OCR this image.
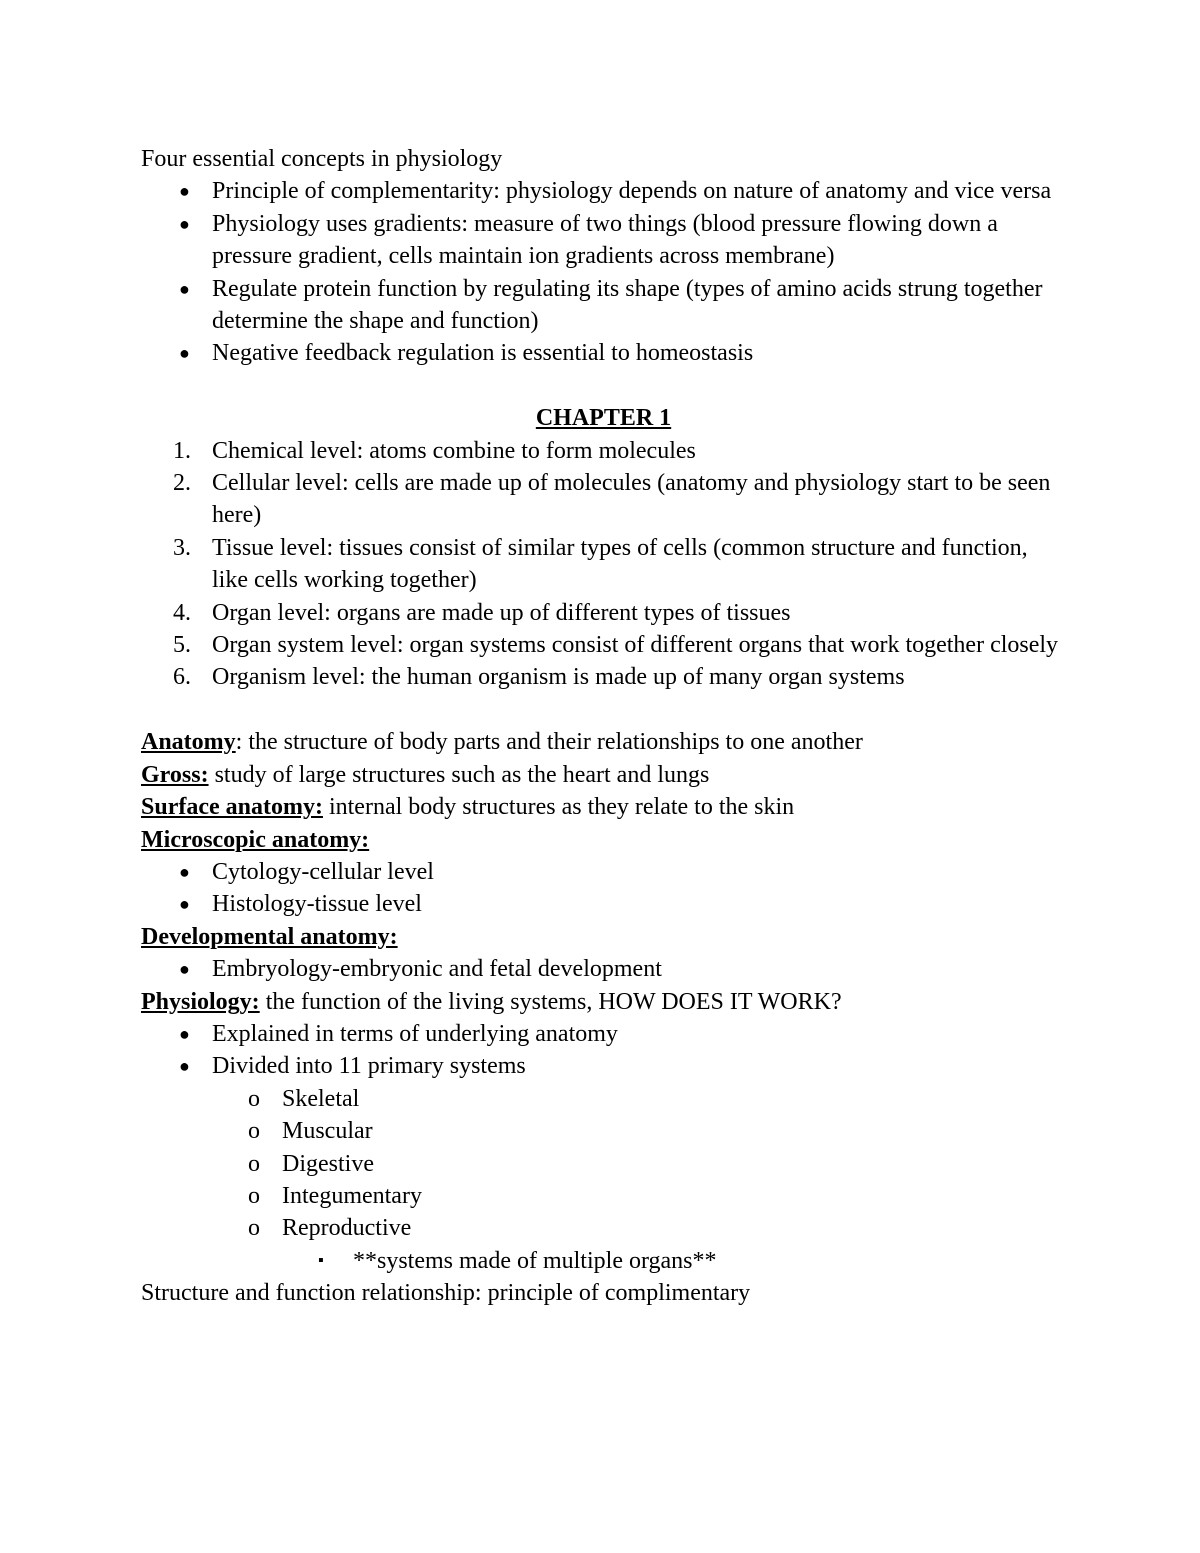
Four essential concepts in physiology

● Principle of complementarity: physiology depends on nature of anatomy and vice versa
● Physiology uses gradients: measure of two things (blood pressure flowing down a pressure gradient, cells maintain ion gradients across membrane)
● Regulate protein function by regulating its shape (types of amino acids strung together determine the shape and function)
● Negative feedback regulation is essential to homeostasis

CHAPTER 1

1. Chemical level: atoms combine to form molecules
2. Cellular level: cells are made up of molecules (anatomy and physiology start to be seen here)
3. Tissue level: tissues consist of similar types of cells (common structure and function, like cells working together)
4. Organ level: organs are made up of different types of tissues
5. Organ system level: organ systems consist of different organs that work together closely
6. Organism level: the human organism is made up of many organ systems

Anatomy: the structure of body parts and their relationships to one another

Gross: study of large structures such as the heart and lungs

Surface anatomy: internal body structures as they relate to the skin

Microscopic anatomy:

● Cytology-cellular level
● Histology-tissue level

Developmental anatomy:

● Embryology-embryonic and fetal development

Physiology: the function of the living systems, HOW DOES IT WORK?

● Explained in terms of underlying anatomy
● Divided into 11 primary systems
o Skeletal
o Muscular
o Digestive
o Integumentary
o Reproductive
▪ **systems made of multiple organs**

Structure and function relationship: principle of complimentary
